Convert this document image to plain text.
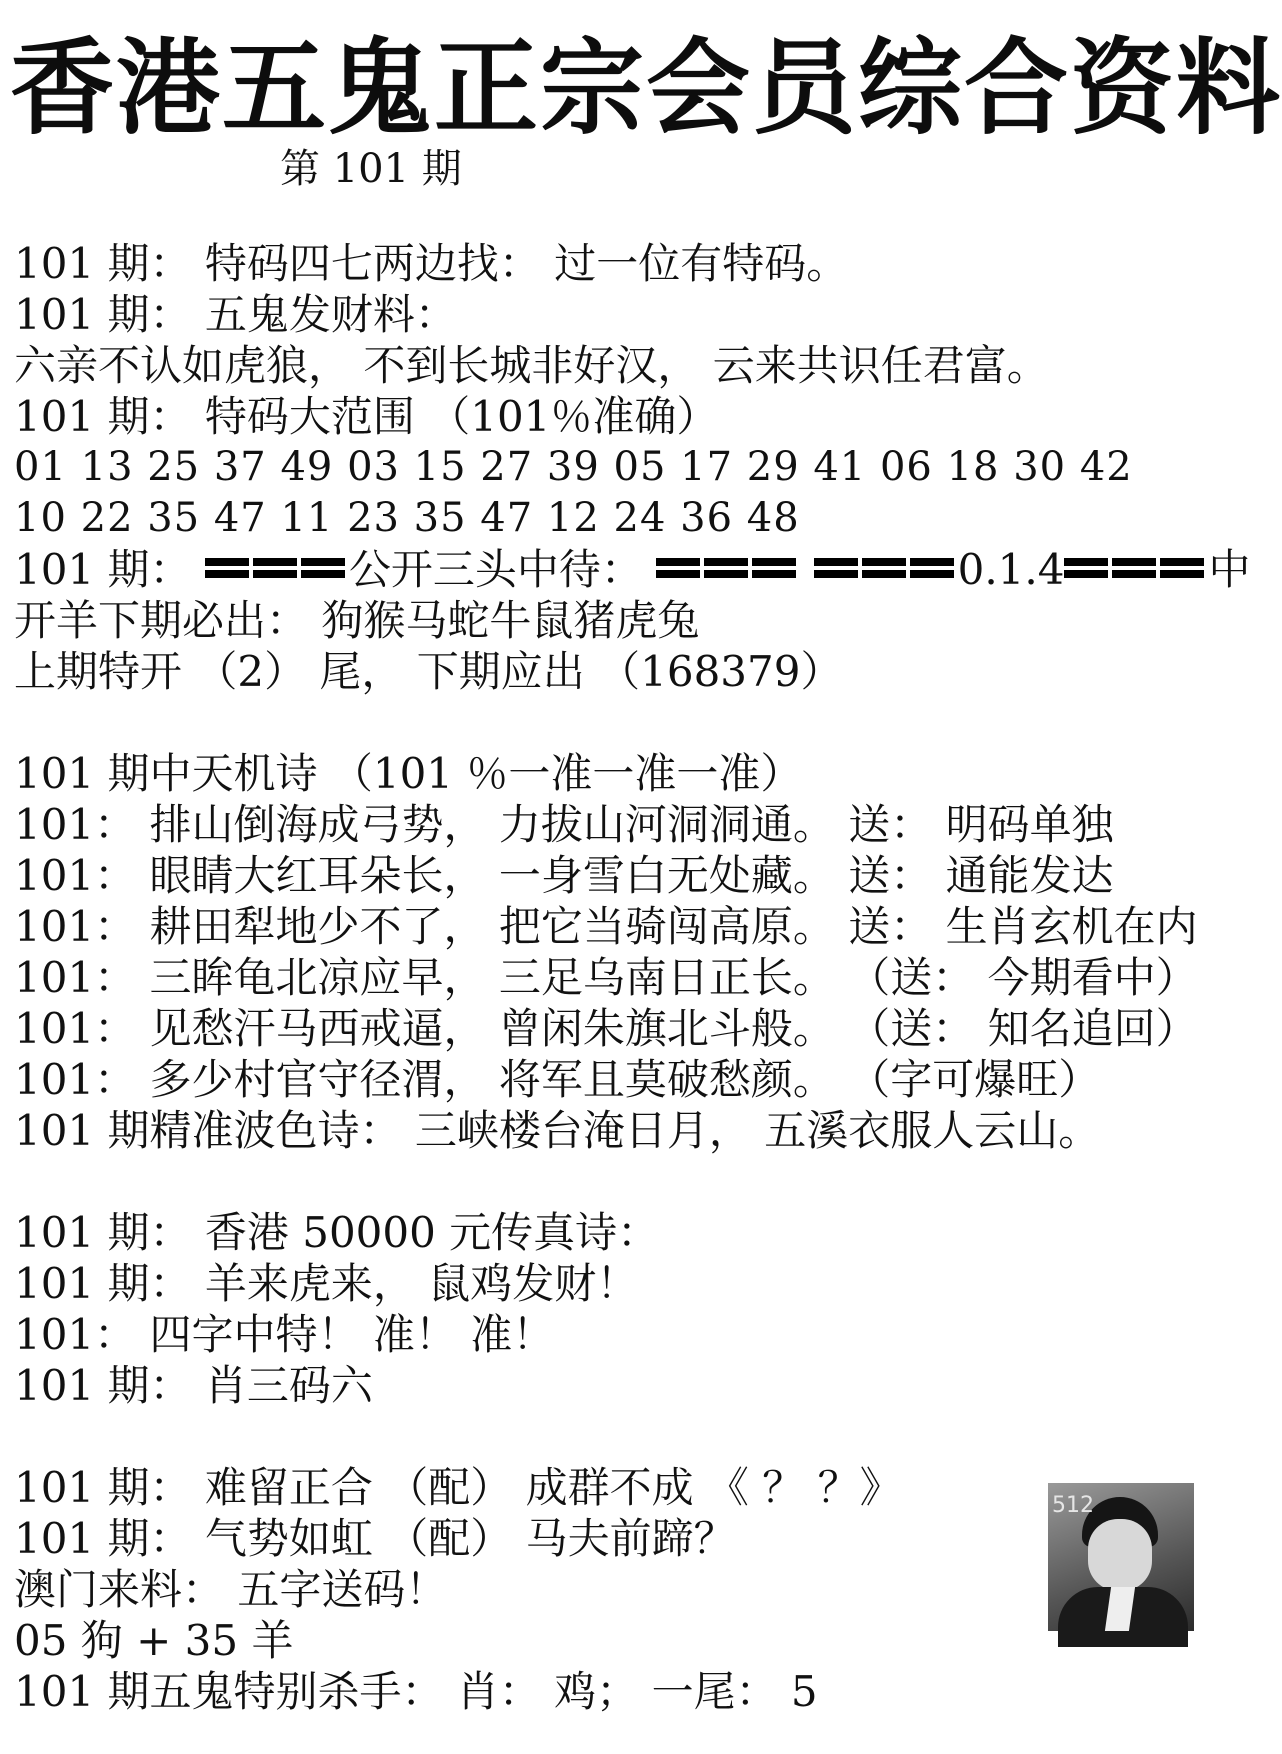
香港五鬼正宗会员综合资料
第 101 期
101 期： 特码四七两边找： 过一位有特码。
101 期： 五鬼发财料：
六亲不认如虎狼， 不到长城非好汉， 云来共识任君富。
101 期： 特码大范围 （101％准确）
01 13 25 37 49 03 15 27 39 05 17 29 41 06 18 30 42
10 22 35 47 11 23 35 47 12 24 36 48
101 期：	公开三头中待：	0.1.4	中
开羊下期必出： 狗猴马蛇牛鼠猪虎兔
上期特开 （2） 尾， 下期应出 （168379）
101 期中天机诗 （101 ％一准一准一准）
101： 排山倒海成弓势， 力拔山河洞洞通。 送： 明码单独
101： 眼睛大红耳朵长， 一身雪白无处藏。 送： 通能发达
101： 耕田犁地少不了， 把它当骑闯高原。 送： 生肖玄机在内
101： 三眸龟北凉应早， 三足乌南日正长。 （送： 今期看中）
101： 见愁汗马西戒逼， 曾闲朱旗北斗般。 （送： 知名追回）
101： 多少村官守径渭， 将军且莫破愁颜。 （字可爆旺）
101 期精准波色诗： 三峡楼台淹日月， 五溪衣服人云山。
101 期： 香港 50000 元传真诗：
101 期： 羊来虎来， 鼠鸡发财！
101： 四字中特！ 准！ 准！
101 期： 肖三码六
101 期： 难留正合 （配） 成群不成 《 ？ ？》
101 期： 气势如虹 （配） 马夫前蹄？
澳门来料： 五字送码！
05 狗 + 35 羊
101 期五鬼特别杀手： 肖： 鸡； 一尾： 5
512
